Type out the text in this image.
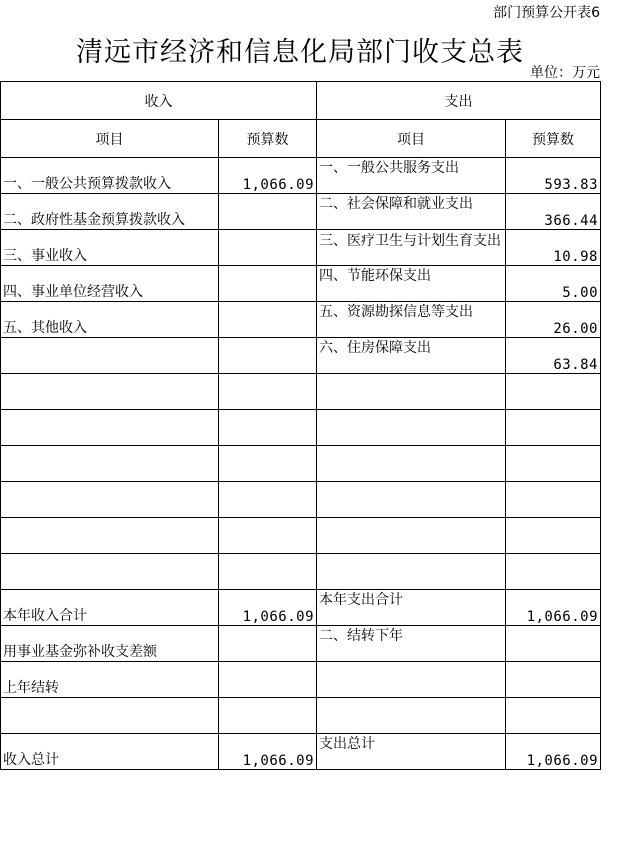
部门预算公开表6
清远市经济和信息化局部门收支总表
单位：万元
收入		支出	
项目	预算数	项目	预算数
一、一般公共预算拨款收入	1,066.09	一、一般公共服务支出	593.83
二、政府性基金预算拨款收入		二、社会保障和就业支出	366.44
三、事业收入		三、医疗卫生与计划生育支出	10.98
四、事业单位经营收入		四、节能环保支出	5.00
五、其他收入		五、资源勘探信息等支出	26.00
		六、住房保障支出	63.84

本年收入合计	1,066.09	本年支出合计	1,066.09
用事业基金弥补收支差额		二、结转下年	
上年结转			

收入总计	1,066.09	支出总计	1,066.09
